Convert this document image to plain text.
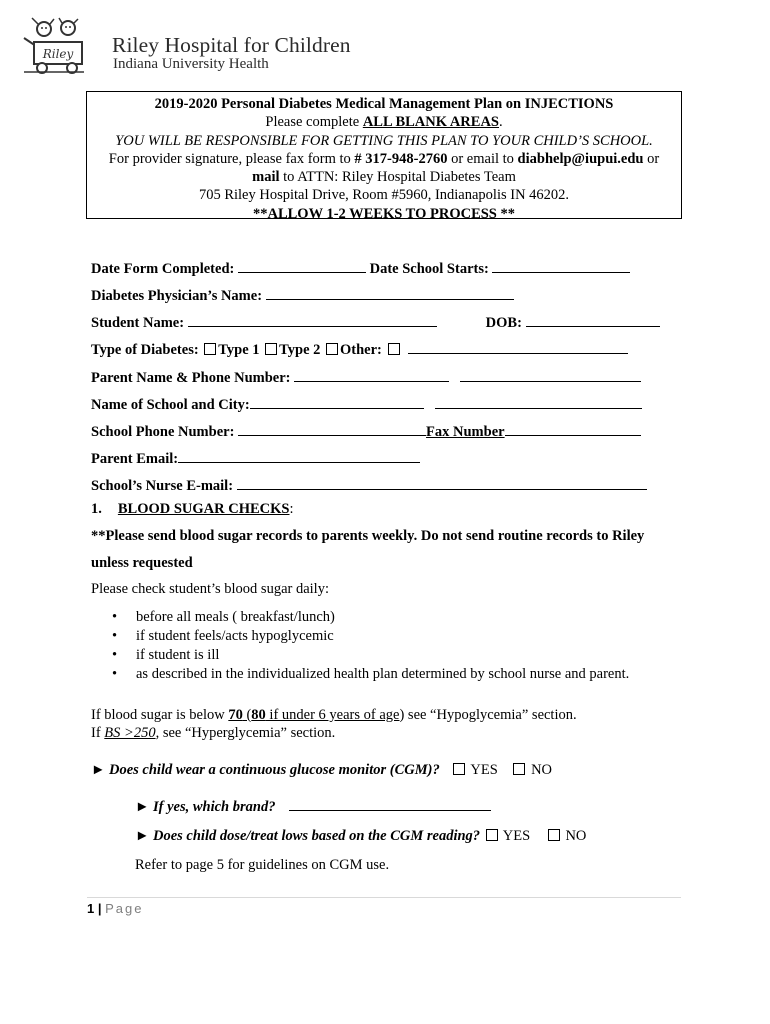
Riley Riley Hospital for Children
Indiana University Health
2019-2020 Personal Diabetes Medical Management Plan on INJECTIONS
Please complete ALL BLANK AREAS.
YOU WILL BE RESPONSIBLE FOR GETTING THIS PLAN TO YOUR CHILD’S SCHOOL.
For provider signature, please fax form to # 317-948-2760 or email to diabhelp@iupui.edu or
mail to ATTN: Riley Hospital Diabetes Team
705 Riley Hospital Drive, Room #5960, Indianapolis IN 46202.
**ALLOW 1-2 WEEKS TO PROCESS **
Date Form Completed:	Date School Starts:
Diabetes Physician’s Name:
Student Name:	DOB:
Type of Diabetes: Type 1 Type 2 Other:
Parent Name & Phone Number:
Name of School and City:
School Phone Number:	Fax Number
Parent Email:
School’s Nurse E-mail:
1. BLOOD SUGAR CHECKS:
**Please send blood sugar records to parents weekly. Do not send routine records to Riley
unless requested
Please check student’s blood sugar daily:
• before all meals ( breakfast/lunch)
• if student feels/acts hypoglycemic
• if student is ill
• as described in the individualized health plan determined by school nurse and parent.
If blood sugar is below 70 (80 if under 6 years of age) see “Hypoglycemia” section.
If BS >250, see “Hyperglycemia” section.
► Does child wear a continuous glucose monitor (CGM)? YES NO
► If yes, which brand?
► Does child dose/treat lows based on the CGM reading? YES NO
Refer to page 5 for guidelines on CGM use.
1 | Page
